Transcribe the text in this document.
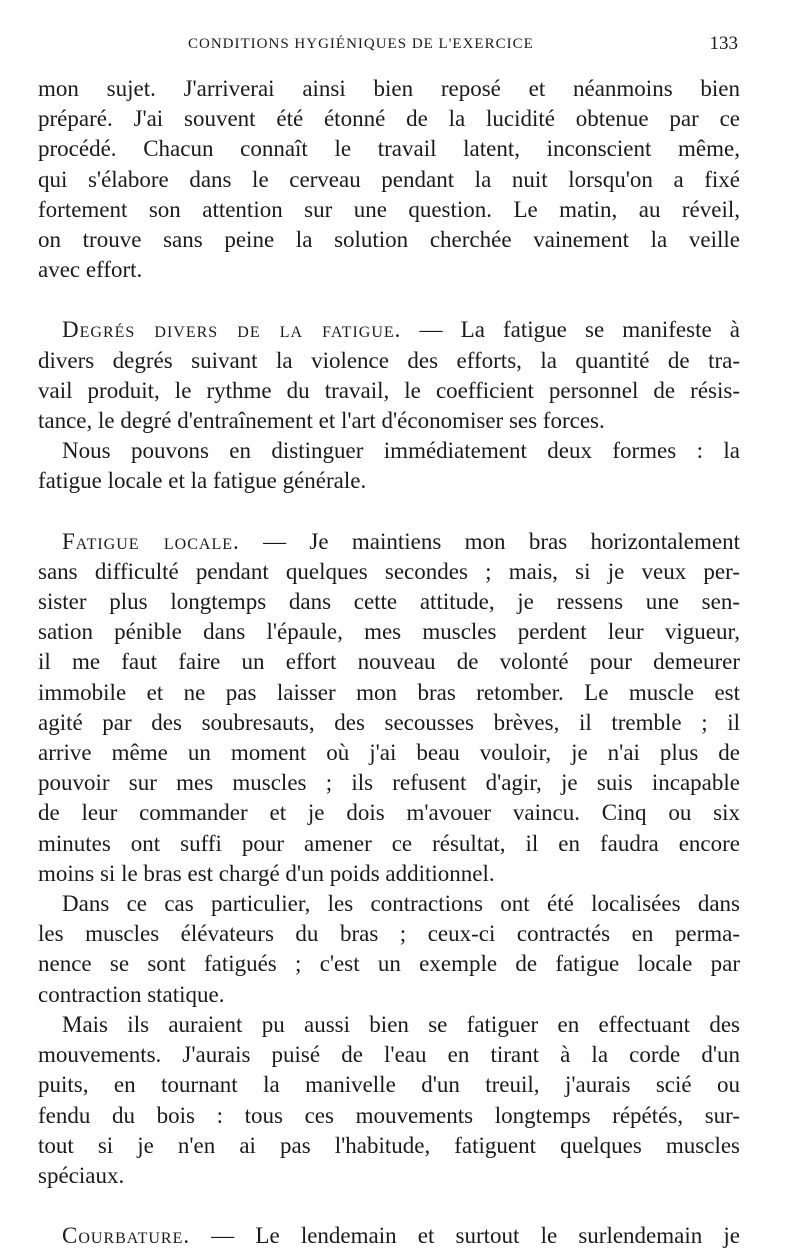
CONDITIONS HYGIÉNIQUES DE L'EXERCICE	133
mon sujet. J'arriverai ainsi bien reposé et néanmoins bien
préparé. J'ai souvent été étonné de la lucidité obtenue par ce
procédé. Chacun connaît le travail latent, inconscient même,
qui s'élabore dans le cerveau pendant la nuit lorsqu'on a fixé
fortement son attention sur une question. Le matin, au réveil,
on trouve sans peine la solution cherchée vainement la veille
avec effort.
Degrés divers de la fatigue. — La fatigue se manifeste à
divers degrés suivant la violence des efforts, la quantité de tra-
vail produit, le rythme du travail, le coefficient personnel de résis-
tance, le degré d'entraînement et l'art d'économiser ses forces.
Nous pouvons en distinguer immédiatement deux formes : la
fatigue locale et la fatigue générale.
Fatigue locale. — Je maintiens mon bras horizontalement
sans difficulté pendant quelques secondes ; mais, si je veux per-
sister plus longtemps dans cette attitude, je ressens une sen-
sation pénible dans l'épaule, mes muscles perdent leur vigueur,
il me faut faire un effort nouveau de volonté pour demeurer
immobile et ne pas laisser mon bras retomber. Le muscle est
agité par des soubresauts, des secousses brèves, il tremble ; il
arrive même un moment où j'ai beau vouloir, je n'ai plus de
pouvoir sur mes muscles ; ils refusent d'agir, je suis incapable
de leur commander et je dois m'avouer vaincu. Cinq ou six
minutes ont suffi pour amener ce résultat, il en faudra encore
moins si le bras est chargé d'un poids additionnel.
Dans ce cas particulier, les contractions ont été localisées dans
les muscles élévateurs du bras ; ceux-ci contractés en perma-
nence se sont fatigués ; c'est un exemple de fatigue locale par
contraction statique.
Mais ils auraient pu aussi bien se fatiguer en effectuant des
mouvements. J'aurais puisé de l'eau en tirant à la corde d'un
puits, en tournant la manivelle d'un treuil, j'aurais scié ou
fendu du bois : tous ces mouvements longtemps répétés, sur-
tout si je n'en ai pas l'habitude, fatiguent quelques muscles
spéciaux.
Courbature. — Le lendemain et surtout le surlendemain je
